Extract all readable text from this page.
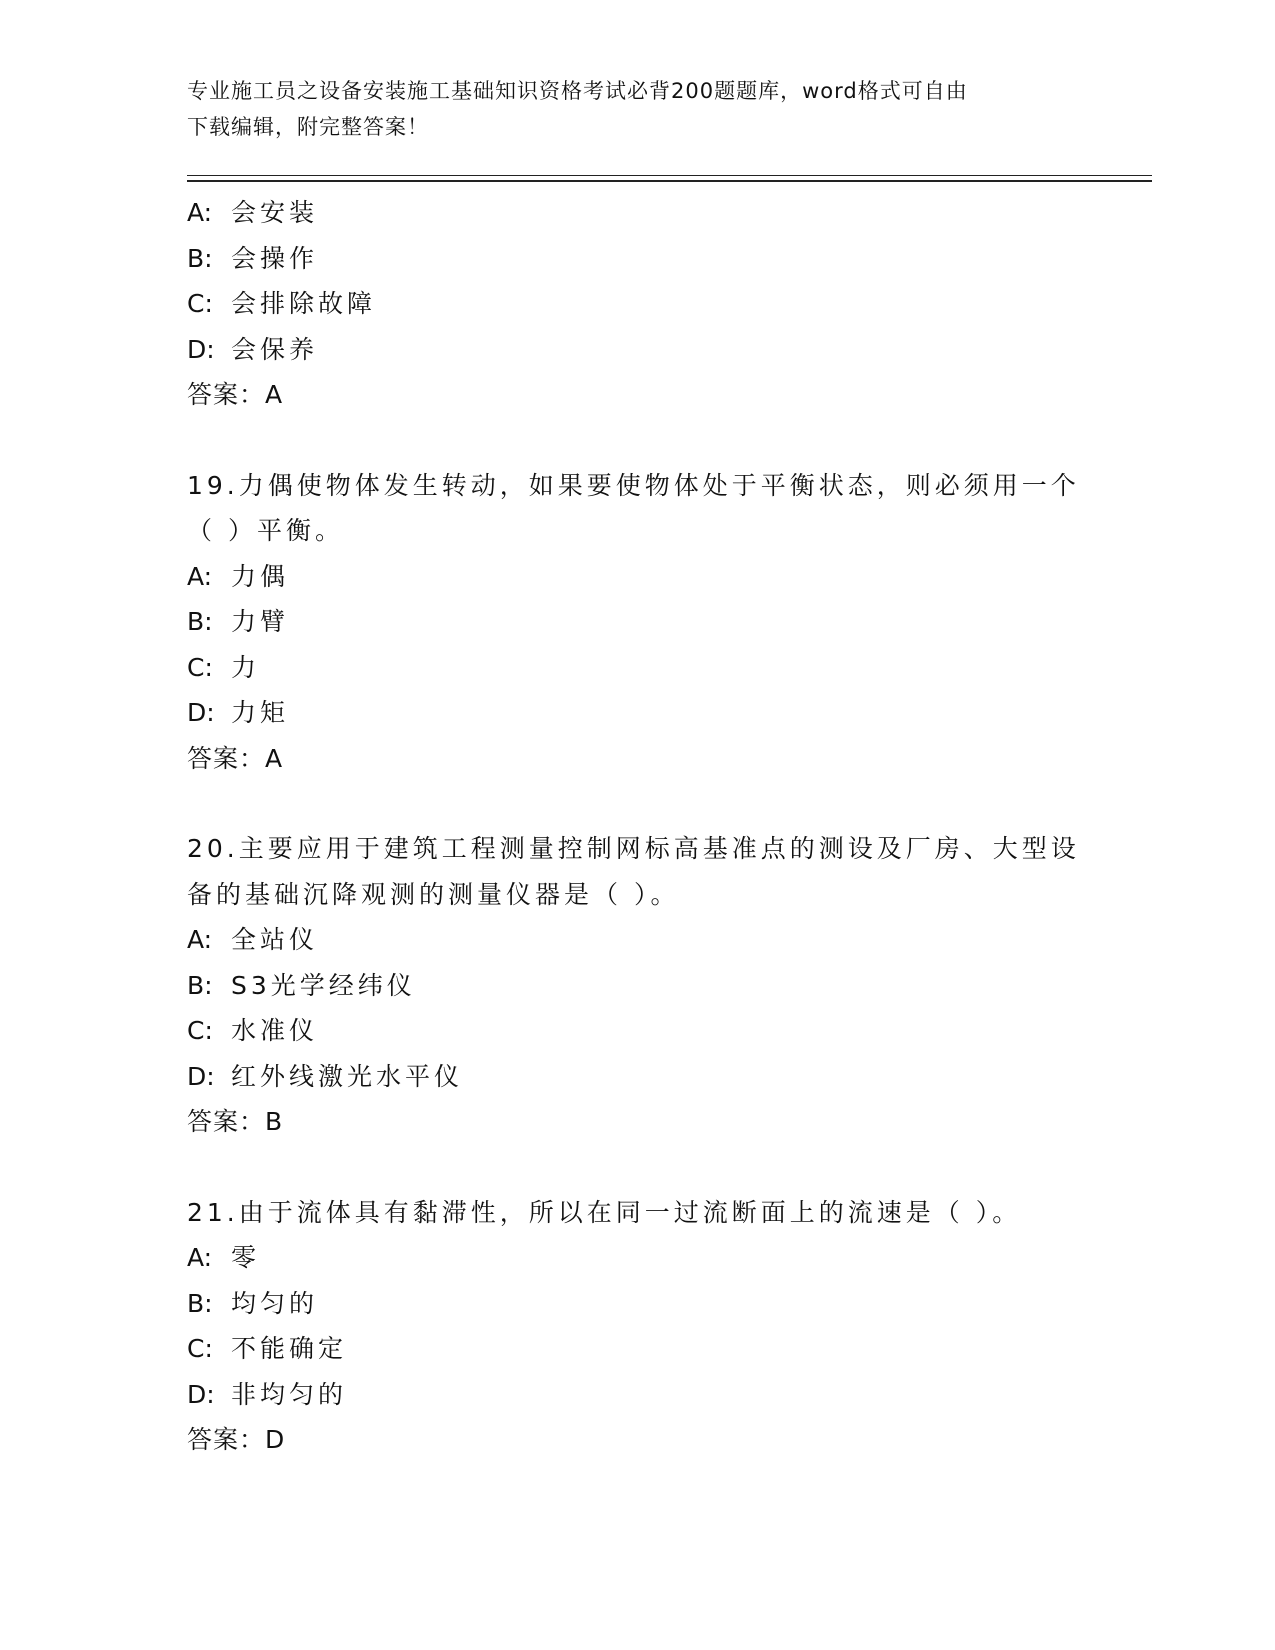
专业施工员之设备安装施工基础知识资格考试必背200题题库，word格式可自由
下载编辑，附完整答案！
A: 会安装
B: 会操作
C: 会排除故障
D: 会保养
答案：A
19.力偶使物体发生转动，如果要使物体处于平衡状态，则必须用一个
（ ）平衡。
A: 力偶
B: 力臂
C: 力
D: 力矩
答案：A
20.主要应用于建筑工程测量控制网标高基准点的测设及厂房、大型设
备的基础沉降观测的测量仪器是（ ）。
A: 全站仪
B: S3光学经纬仪
C: 水准仪
D: 红外线激光水平仪
答案：B
21.由于流体具有黏滞性，所以在同一过流断面上的流速是（ ）。
A: 零
B: 均匀的
C: 不能确定
D: 非均匀的
答案：D
